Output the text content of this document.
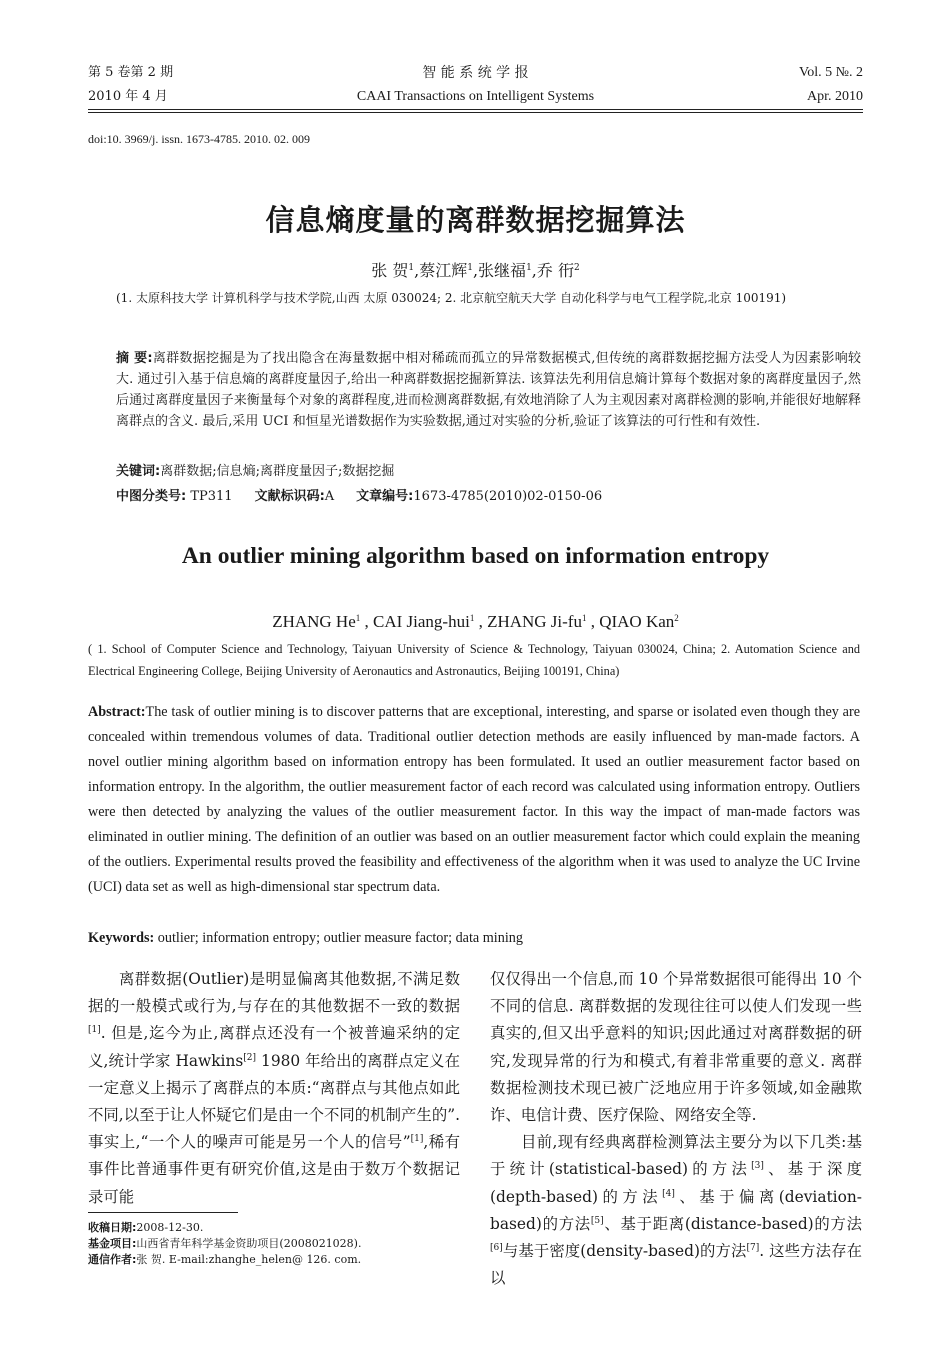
第 5 卷第 2 期
2010 年 4 月
智 能 系 统 学 报
CAAI Transactions on Intelligent Systems
Vol. 5 №. 2
Apr. 2010
doi:10. 3969/j. issn. 1673-4785. 2010. 02. 009
信息熵度量的离群数据挖掘算法
张 贺$^1$,蔡江辉$^1$,张继福$^1$,乔 衎$^2$
(1. 太原科技大学 计算机科学与技术学院,山西 太原 030024; 2. 北京航空航天大学 自动化科学与电气工程学院,北京 100191)
摘 要:离群数据挖掘是为了找出隐含在海量数据中相对稀疏而孤立的异常数据模式,但传统的离群数据挖掘方法受人为因素影响较大. 通过引入基于信息熵的离群度量因子,给出一种离群数据挖掘新算法. 该算法先利用信息熵计算每个数据对象的离群度量因子,然后通过离群度量因子来衡量每个对象的离群程度,进而检测离群数据,有效地消除了人为主观因素对离群检测的影响,并能很好地解释离群点的含义. 最后,采用 UCI 和恒星光谱数据作为实验数据,通过对实验的分析,验证了该算法的可行性和有效性.
关键词:离群数据;信息熵;离群度量因子;数据挖掘
中图分类号: TP311 文献标识码:A 文章编号:1673-4785(2010)02-0150-06
An outlier mining algorithm based on information entropy
ZHANG He$^1$ , CAI Jiang-hui$^1$ , ZHANG $Ji-fu^1$ , QIAO Kan$^2$
( 1. School of Computer Science and Technology, Taiyuan University of Science & Technology, Taiyuan 030024, China; 2. Automation Science and Electrical Engineering College, Beijing University of Aeronautics and Astronautics, Beijing 100191, China)
Abstract:The task of outlier mining is to discover patterns that are exceptional, interesting, and sparse or isolated even though they are concealed within tremendous volumes of data. Traditional outlier detection methods are easily influenced by man-made factors. A novel outlier mining algorithm based on information entropy has been formulated. It used an outlier measurement factor based on information entropy. In the algorithm, the outlier measurement factor of each record was calculated using information entropy. Outliers were then detected by analyzing the values of the outlier measurement factor. In this way the impact of man-made factors was eliminated in outlier mining. The definition of an outlier was based on an outlier measurement factor which could explain the meaning of the outliers. Experimental results proved the feasibility and effectiveness of the algorithm when it was used to analyze the UC Irvine (UCI) data set as well as high-dimensional star spectrum data.
Keywords: outlier; information entropy; outlier measure factor; data mining

离群数据(Outlier)是明显偏离其他数据,不满足数据的一般模式或行为,与存在的其他数据不一致的数据[1]. 但是,迄今为止,离群点还没有一个被普遍采纳的定义,统计学家 Hawkins[2] 1980 年给出的离群点定义在一定意义上揭示了离群点的本质:“离群点与其他点如此不同,以至于让人怀疑它们是由一个不同的机制产生的”. 事实上,“一个人的噪声可能是另一个人的信号”[1],稀有事件比普通事件更有研究价值,这是由于数万个数据记录可能

收稿日期:2008-12-30.
基金项目:山西省青年科学基金资助项目(2008021028).
通信作者:张 贺. E-mail:zhanghe_helen@ 126. com.

仅仅得出一个信息,而 10 个异常数据很可能得出 10 个不同的信息. 离群数据的发现往往可以使人们发现一些真实的,但又出乎意料的知识;因此通过对离群数据的研究,发现异常的行为和模式,有着非常重要的意义. 离群数据检测技术现已被广泛地应用于许多领域,如金融欺诈、电信计费、医疗保险、网络安全等.

目前,现有经典离群检测算法主要分为以下几类:基于统计(statistical-based)的方法[3]、基于深度(depth-based)的方法[4]、基于偏离(deviation-based)的方法[5]、基于距离(distance-based)的方法[6]与基于密度(density-based)的方法[7]. 这些方法存在以
